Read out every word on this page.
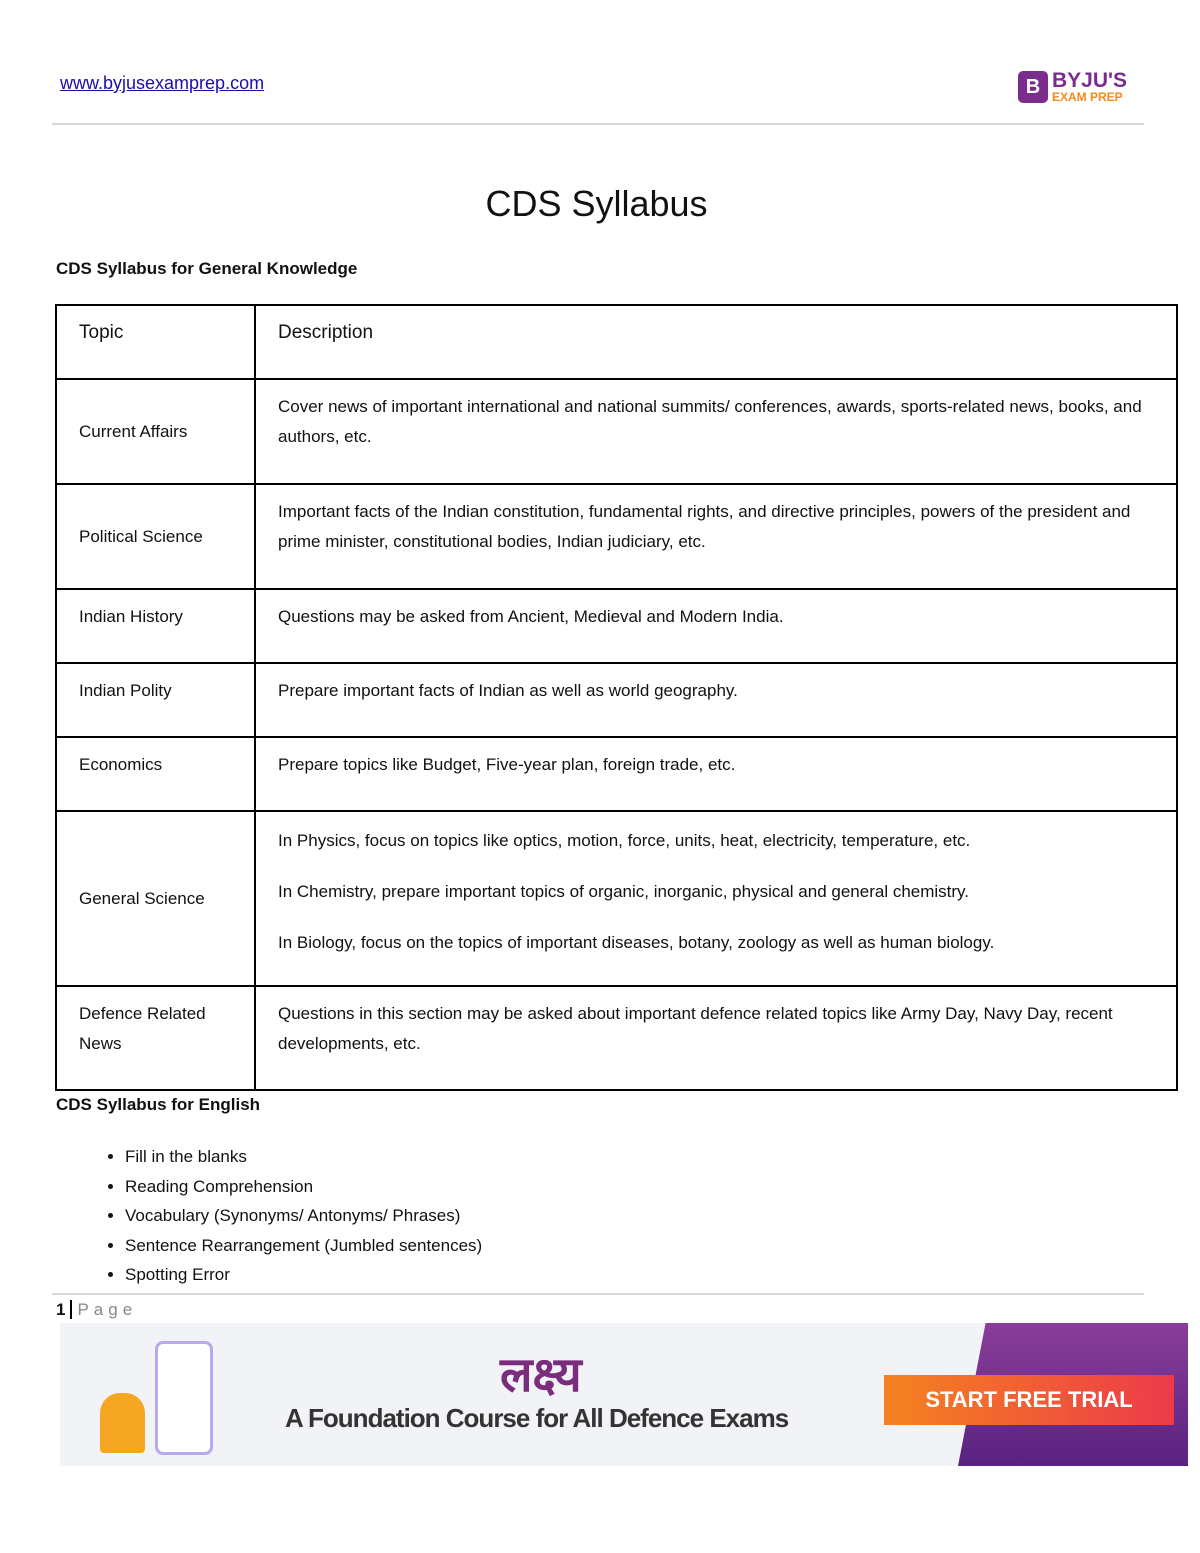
www.byjusexamprep.com	B BYJU'S
EXAM PREP
CDS Syllabus
CDS Syllabus for General Knowledge
Topic	Description
Current Affairs	Cover news of important international and national summits/ conferences, awards, sports-related news, books, and authors, etc.

Political Science	Important facts of the Indian constitution, fundamental rights, and directive principles, powers of the president and prime minister, constitutional bodies, Indian judiciary, etc.

Indian History	Questions may be asked from Ancient, Medieval and Modern India.

Indian Polity	Prepare important facts of Indian as well as world geography.

Economics	Prepare topics like Budget, Five-year plan, foreign trade, etc.

General Science	In Physics, focus on topics like optics, motion, force, units, heat, electricity, temperature, etc.

In Chemistry, prepare important topics of organic, inorganic, physical and general chemistry.

In Biology, focus on the topics of important diseases, botany, zoology as well as human biology.

Defence Related News	Questions in this section may be asked about important defence related topics like Army Day, Navy Day, recent developments, etc.

CDS Syllabus for English
• Fill in the blanks
• Reading Comprehension
• Vocabulary (Synonyms/ Antonyms/ Phrases)
• Sentence Rearrangement (Jumbled sentences)
• Spotting Error
1 Page
लक्ष्य
A Foundation Course for All Defence Exams
START FREE TRIAL
